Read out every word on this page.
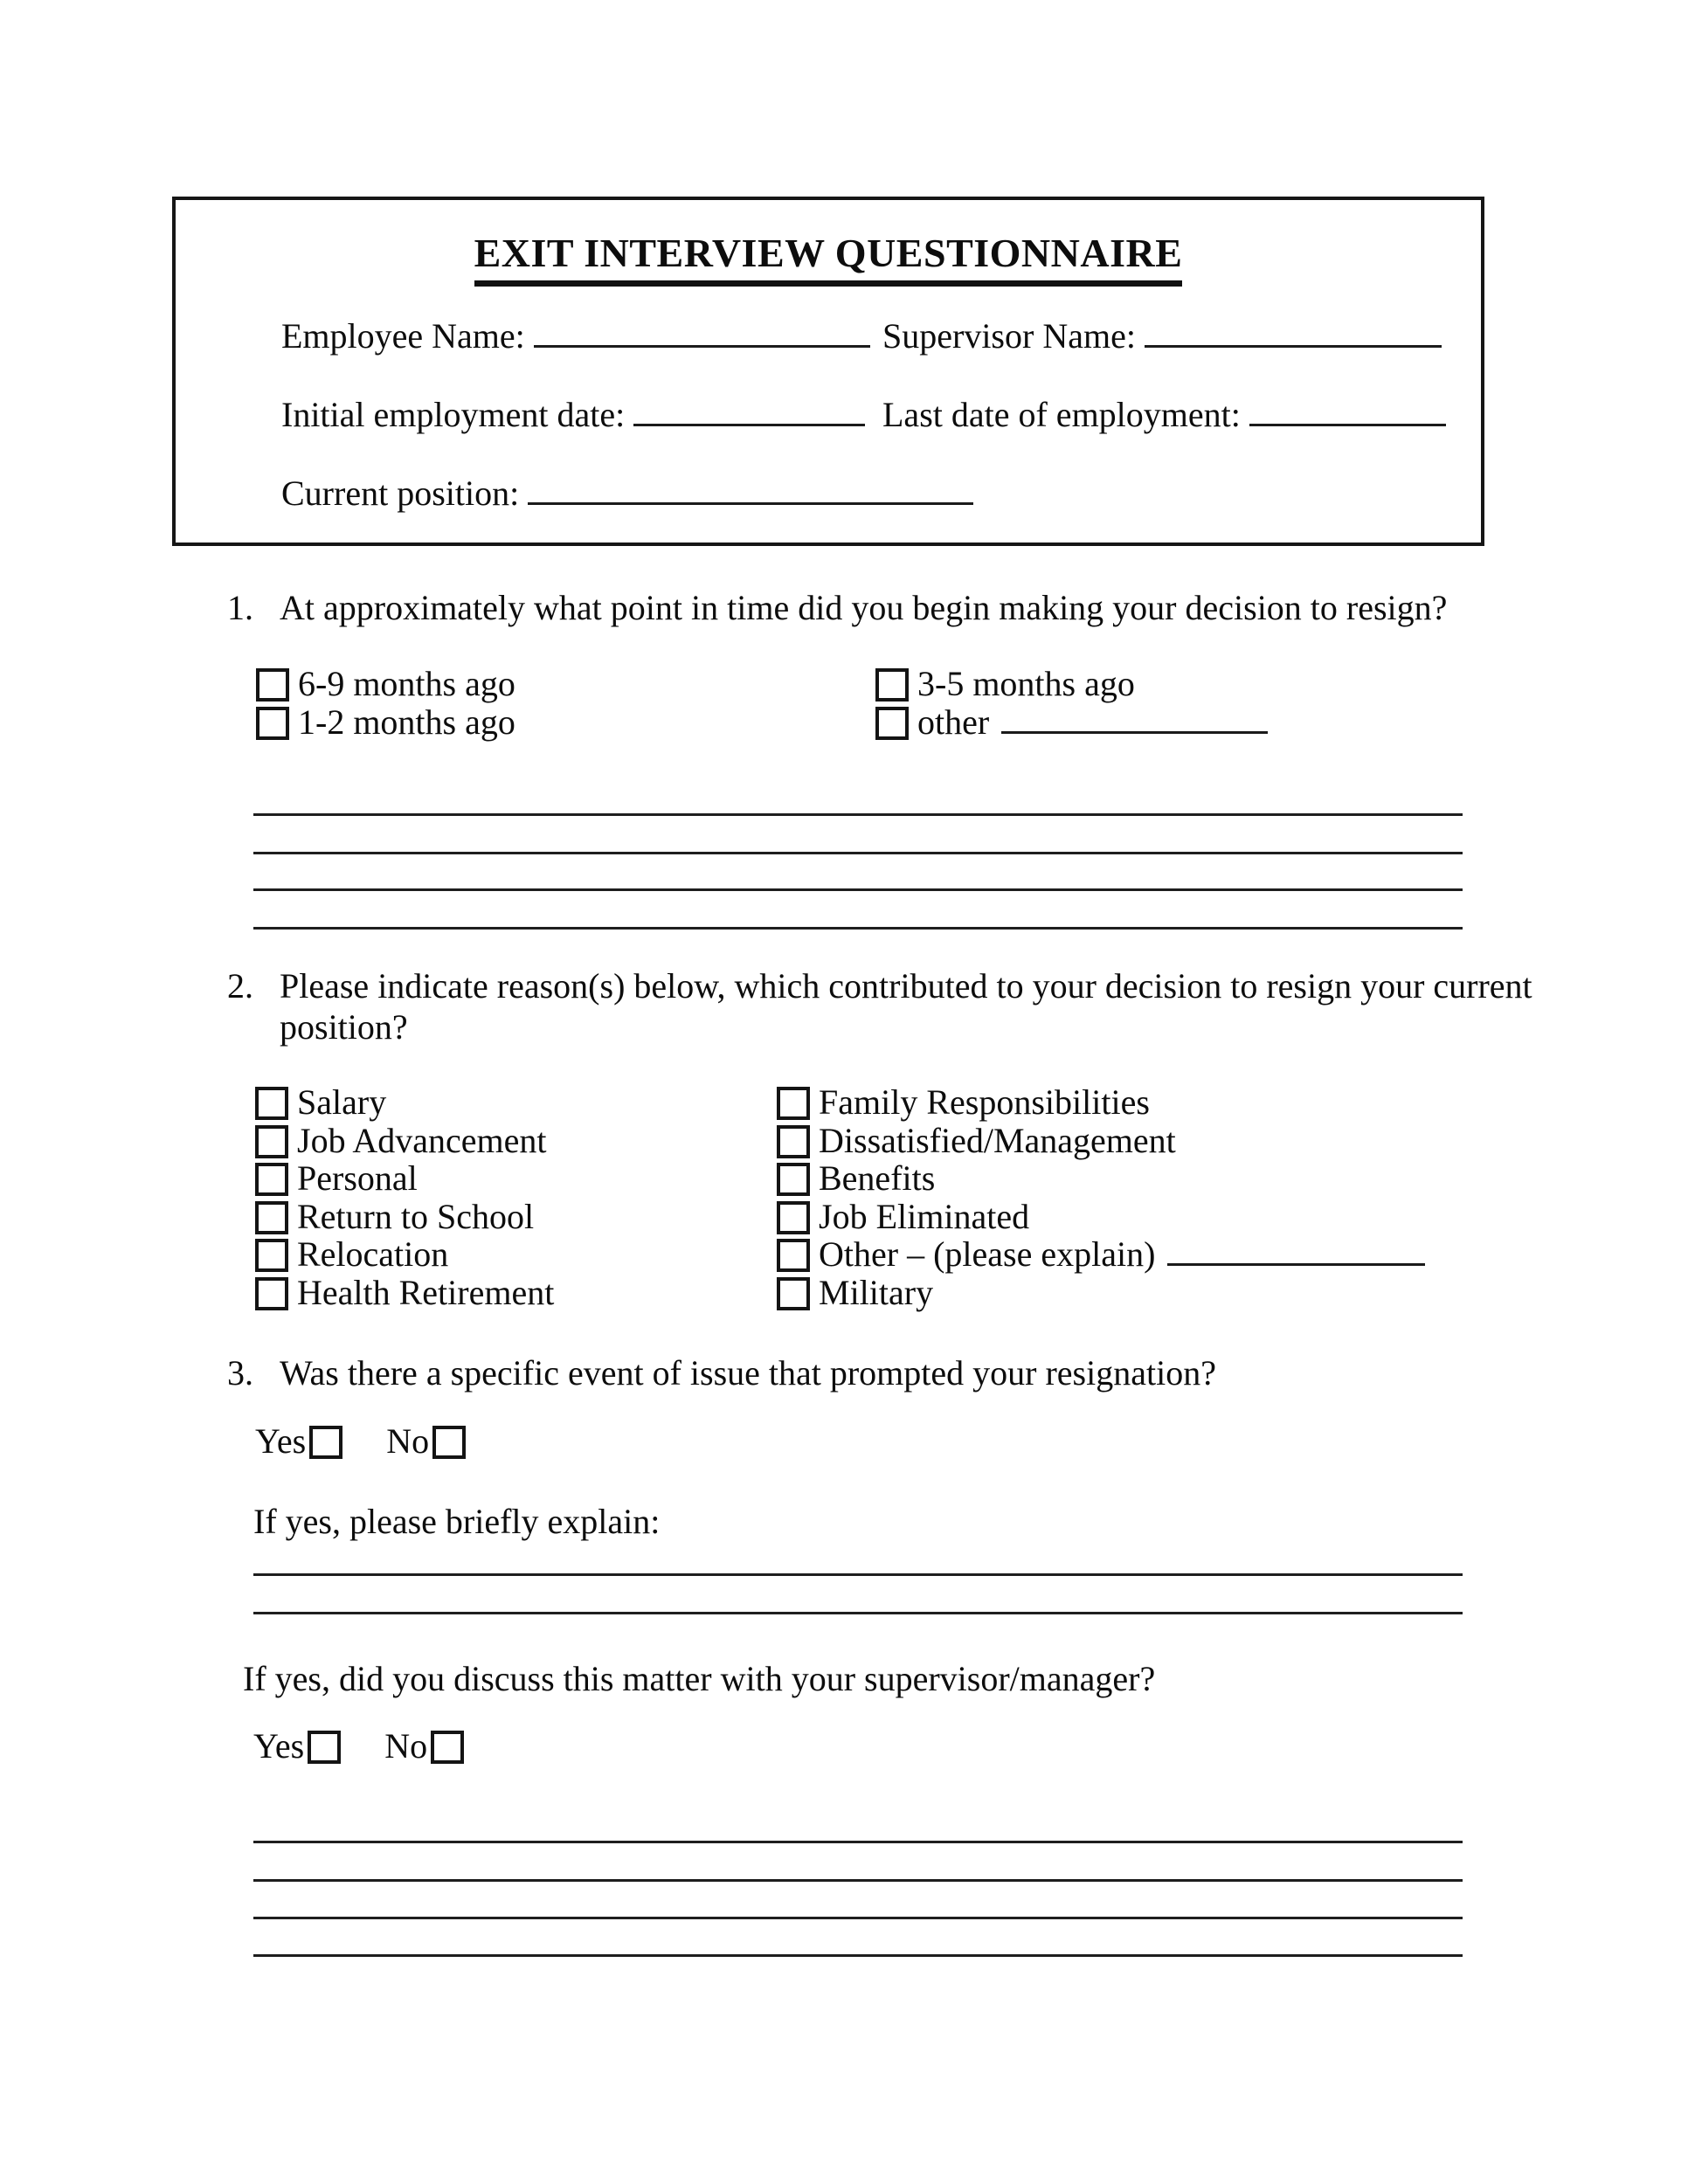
EXIT INTERVIEW QUESTIONNAIRE
Employee Name:	Supervisor Name:
Initial employment date:	Last date of employment:
Current position:
1. At approximately what point in time did you begin making your decision to resign?
6-9 months ago
1-2 months ago
3-5 months ago
other
2. Please indicate reason(s) below, which contributed to your decision to resign your current
position?
Salary
Job Advancement
Personal
Return to School
Relocation
Health Retirement
Family Responsibilities
Dissatisfied/Management
Benefits
Job Eliminated
Other – (please explain)
Military
3. Was there a specific event of issue that prompted your resignation?
Yes No
If yes, please briefly explain:
If yes, did you discuss this matter with your supervisor/manager?
Yes No
